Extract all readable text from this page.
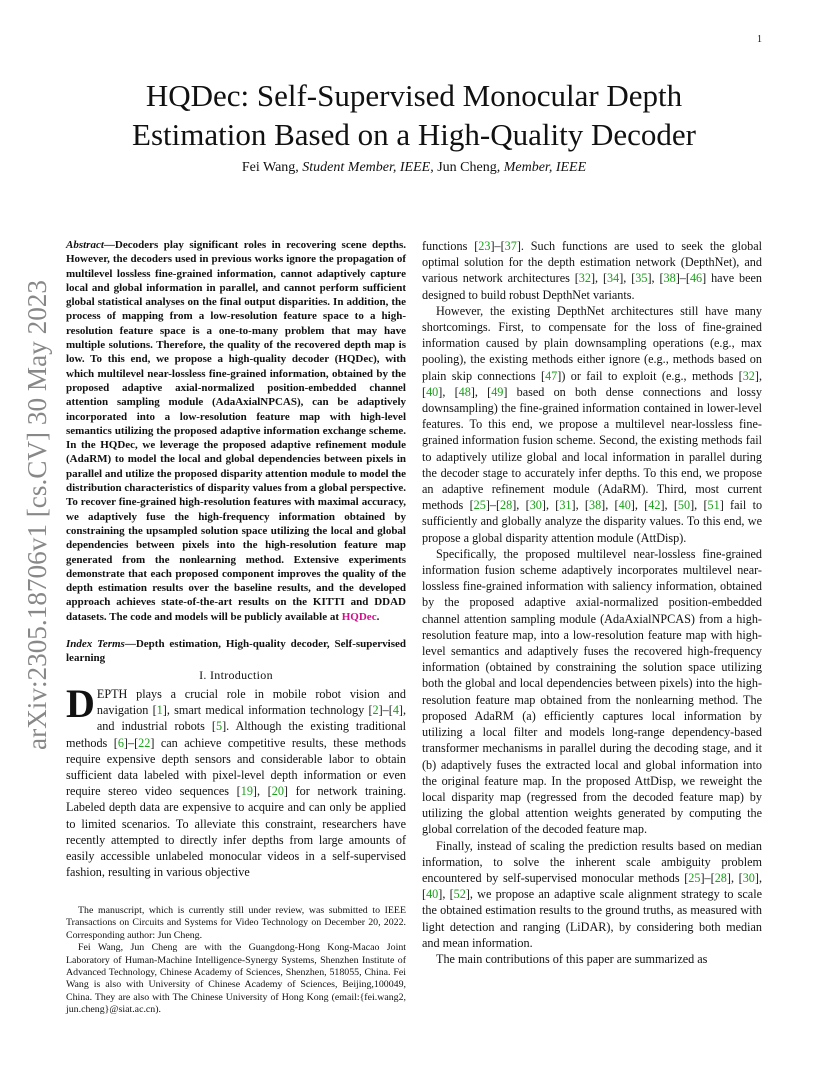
1
arXiv:2305.18706v1 [cs.CV] 30 May 2023
HQDec: Self-Supervised Monocular Depth
Estimation Based on a High-Quality Decoder
Fei Wang, Student Member, IEEE, Jun Cheng, Member, IEEE
Abstract—Decoders play significant roles in recovering scene depths. However, the decoders used in previous works ignore the propagation of multilevel lossless fine-grained information, cannot adaptively capture local and global information in parallel, and cannot perform sufficient global statistical analyses on the final output disparities. In addition, the process of mapping from a low-resolution feature space to a high-resolution feature space is a one-to-many problem that may have multiple solutions. Therefore, the quality of the recovered depth map is low. To this end, we propose a high-quality decoder (HQDec), with which multilevel near-lossless fine-grained information, obtained by the proposed adaptive axial-normalized position-embedded channel attention sampling module (AdaAxialNPCAS), can be adaptively incorporated into a low-resolution feature map with high-level semantics utilizing the proposed adaptive information exchange scheme. In the HQDec, we leverage the proposed adaptive refinement module (AdaRM) to model the local and global dependencies between pixels in parallel and utilize the proposed disparity attention module to model the distribution characteristics of disparity values from a global perspective. To recover fine-grained high-resolution features with maximal accuracy, we adaptively fuse the high-frequency information obtained by constraining the upsampled solution space utilizing the local and global dependencies between pixels into the high-resolution feature map generated from the nonlearning method. Extensive experiments demonstrate that each proposed component improves the quality of the depth estimation results over the baseline results, and the developed approach achieves state-of-the-art results on the KITTI and DDAD datasets. The code and models will be publicly available at HQDec.
Index Terms—Depth estimation, High-quality decoder, Self-supervised learning
I. Introduction
DEPTH plays a crucial role in mobile robot vision and navigation [1], smart medical information technology [2]–[4], and industrial robots [5]. Although the existing traditional methods [6]–[22] can achieve competitive results, these methods require expensive depth sensors and considerable labor to obtain sufficient data labeled with pixel-level depth information or even require stereo video sequences [19], [20] for network training. Labeled depth data are expensive to acquire and can only be applied to limited scenarios. To alleviate this constraint, researchers have recently attempted to directly infer depths from large amounts of easily accessible unlabeled monocular videos in a self-supervised fashion, resulting in various objective

The manuscript, which is currently still under review, was submitted to IEEE Transactions on Circuits and Systems for Video Technology on December 20, 2022. Corresponding author: Jun Cheng.

Fei Wang, Jun Cheng are with the Guangdong-Hong Kong-Macao Joint Laboratory of Human-Machine Intelligence-Synergy Systems, Shenzhen Institute of Advanced Technology, Chinese Academy of Sciences, Shenzhen, 518055, China. Fei Wang is also with University of Chinese Academy of Sciences, Beijing,100049, China. They are also with The Chinese University of Hong Kong (email:{fei.wang2, jun.cheng}@siat.ac.cn).

functions [23]–[37]. Such functions are used to seek the global optimal solution for the depth estimation network (DepthNet), and various network architectures [32], [34], [35], [38]–[46] have been designed to build robust DepthNet variants.

However, the existing DepthNet architectures still have many shortcomings. First, to compensate for the loss of fine-grained information caused by plain downsampling operations (e.g., max pooling), the existing methods either ignore (e.g., methods based on plain skip connections [47]) or fail to exploit (e.g., methods [32], [40], [48], [49] based on both dense connections and lossy downsampling) the fine-grained information contained in lower-level features. To this end, we propose a multilevel near-lossless fine-grained information fusion scheme. Second, the existing methods fail to adaptively utilize global and local information in parallel during the decoder stage to accurately infer depths. To this end, we propose an adaptive refinement module (AdaRM). Third, most current methods [25]–[28], [30], [31], [38], [40], [42], [50], [51] fail to sufficiently and globally analyze the disparity values. To this end, we propose a global disparity attention module (AttDisp).

Specifically, the proposed multilevel near-lossless fine-grained information fusion scheme adaptively incorporates multilevel near-lossless fine-grained information with saliency information, obtained by the proposed adaptive axial-normalized position-embedded channel attention sampling module (AdaAxialNPCAS) from a high-resolution feature map, into a low-resolution feature map with high-level semantics and adaptively fuses the recovered high-frequency information (obtained by constraining the solution space utilizing both the global and local dependencies between pixels) into the high-resolution feature map obtained from the nonlearning method. The proposed AdaRM (a) efficiently captures local information by utilizing a local filter and models long-range dependency-based transformer mechanisms in parallel during the decoding stage, and it (b) adaptively fuses the extracted local and global information into the original feature map. In the proposed AttDisp, we reweight the local disparity map (regressed from the decoded feature map) by utilizing the global attention weights generated by computing the global correlation of the decoded feature map.

Finally, instead of scaling the prediction results based on median information, to solve the inherent scale ambiguity problem encountered by self-supervised monocular methods [25]–[28], [30], [40], [52], we propose an adaptive scale alignment strategy to scale the obtained estimation results to the ground truths, as measured with light detection and ranging (LiDAR), by considering both median and mean information.

The main contributions of this paper are summarized as
